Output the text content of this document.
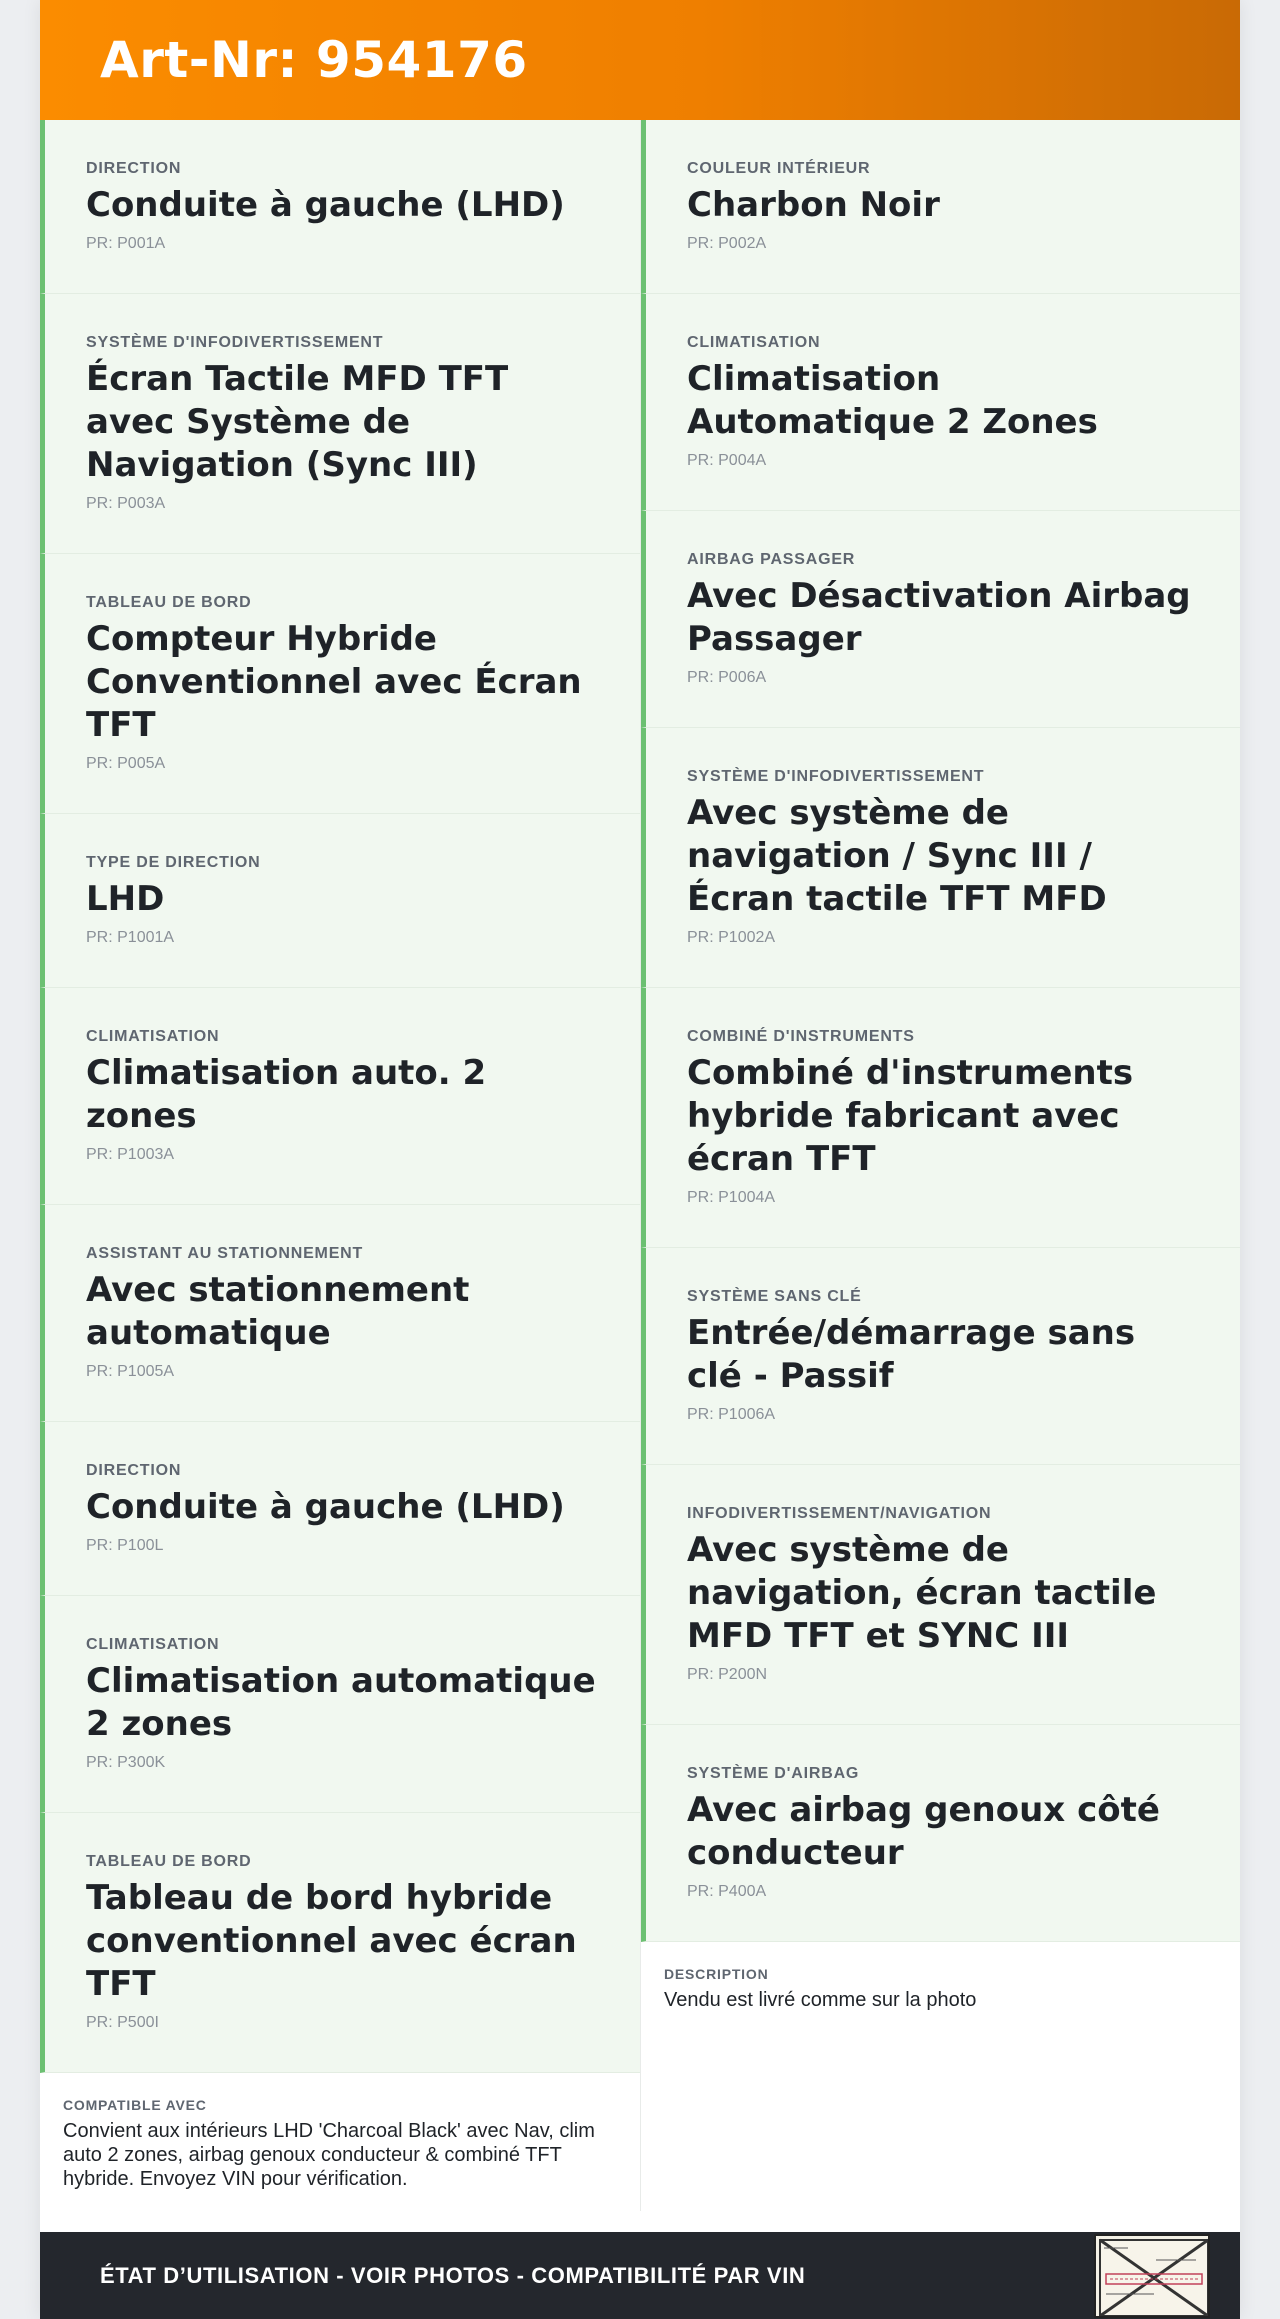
Art-Nr: 954176
DIRECTION
Conduite à gauche (LHD)
PR: P001A
SYSTÈME D'INFODIVERTISSEMENT
Écran Tactile MFD TFT avec Système de Navigation (Sync III)
PR: P003A
TABLEAU DE BORD
Compteur Hybride Conventionnel avec Écran TFT
PR: P005A
TYPE DE DIRECTION
LHD
PR: P1001A
CLIMATISATION
Climatisation auto. 2 zones
PR: P1003A
ASSISTANT AU STATIONNEMENT
Avec stationnement automatique
PR: P1005A
DIRECTION
Conduite à gauche (LHD)
PR: P100L
CLIMATISATION
Climatisation automatique 2 zones
PR: P300K
TABLEAU DE BORD
Tableau de bord hybride conventionnel avec écran TFT
PR: P500I
COMPATIBLE AVEC
Convient aux intérieurs LHD 'Charcoal Black' avec Nav, clim auto 2 zones, airbag genoux conducteur & combiné TFT hybride. Envoyez VIN pour vérification.
COULEUR INTÉRIEUR
Charbon Noir
PR: P002A
CLIMATISATION
Climatisation Automatique 2 Zones
PR: P004A
AIRBAG PASSAGER
Avec Désactivation Airbag Passager
PR: P006A
SYSTÈME D'INFODIVERTISSEMENT
Avec système de navigation / Sync III / Écran tactile TFT MFD
PR: P1002A
COMBINÉ D'INSTRUMENTS
Combiné d'instruments hybride fabricant avec écran TFT
PR: P1004A
SYSTÈME SANS CLÉ
Entrée/démarrage sans clé - Passif
PR: P1006A
INFODIVERTISSEMENT/NAVIGATION
Avec système de navigation, écran tactile MFD TFT et SYNC III
PR: P200N
SYSTÈME D'AIRBAG
Avec airbag genoux côté conducteur
PR: P400A
DESCRIPTION
Vendu est livré comme sur la photo
ÉTAT D’UTILISATION - VOIR PHOTOS - COMPATIBILITÉ PAR VIN
